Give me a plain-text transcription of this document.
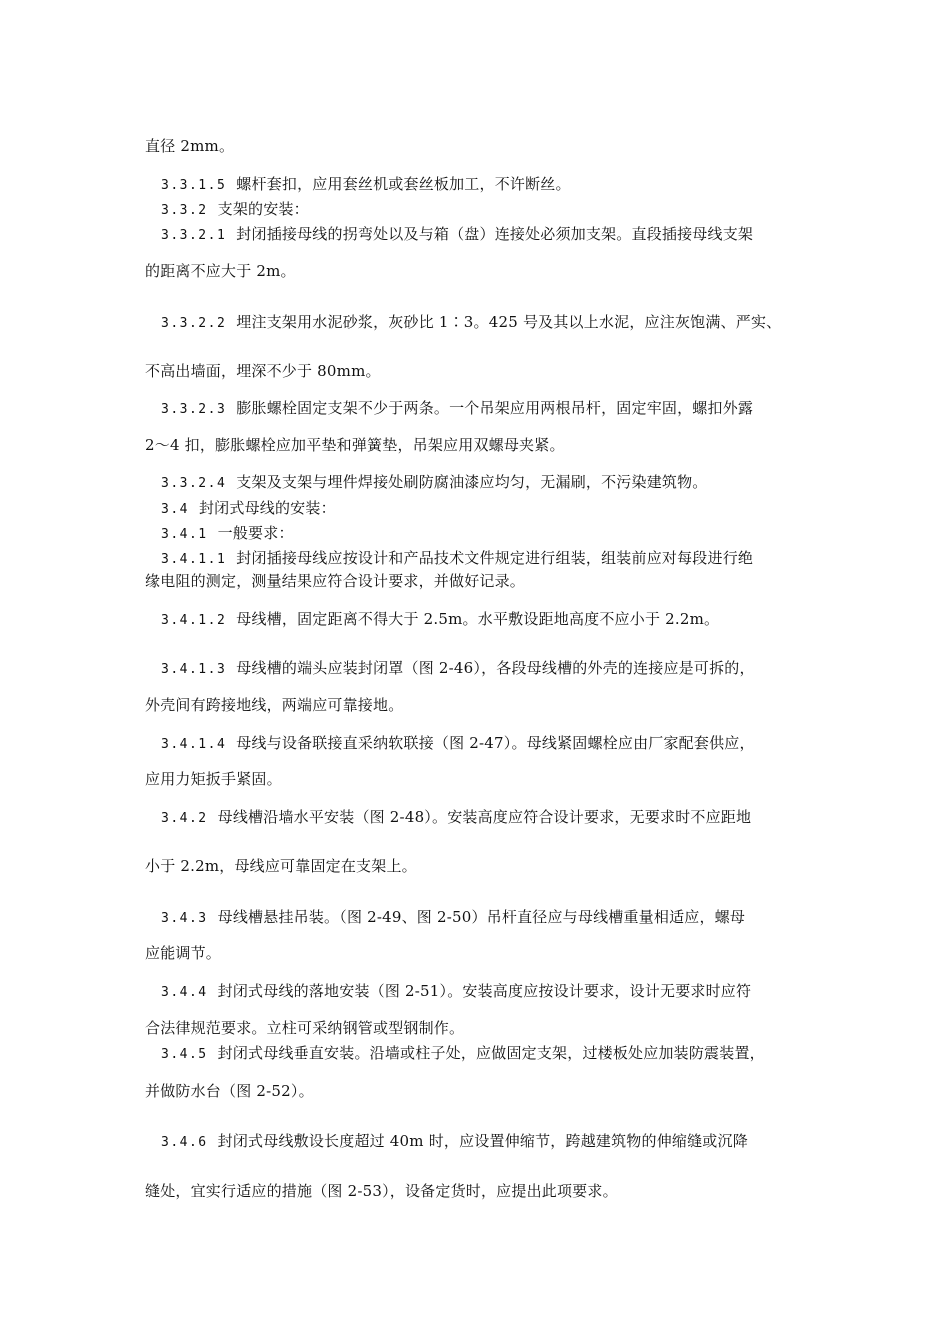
直径 2mm。
3.3.1.5 螺杆套扣，应用套丝机或套丝板加工，不许断丝。
3.3.2 支架的安装：
3.3.2.1 封闭插接母线的拐弯处以及与箱（盘）连接处必须加支架。直段插接母线支架
的距离不应大于 2m。
3.3.2.2 埋注支架用水泥砂浆，灰砂比 1∶3。425 号及其以上水泥，应注灰饱满、严实、
不高出墙面，埋深不少于 80mm。
3.3.2.3 膨胀螺栓固定支架不少于两条。一个吊架应用两根吊杆，固定牢固，螺扣外露
2～4 扣，膨胀螺栓应加平垫和弹簧垫，吊架应用双螺母夹紧。
3.3.2.4 支架及支架与埋件焊接处刷防腐油漆应均匀，无漏刷，不污染建筑物。
3.4 封闭式母线的安装：
3.4.1 一般要求：
3.4.1.1 封闭插接母线应按设计和产品技术文件规定进行组装，组装前应对每段进行绝
缘电阻的测定，测量结果应符合设计要求，并做好记录。
3.4.1.2 母线槽，固定距离不得大于 2.5m。水平敷设距地高度不应小于 2.2m。
3.4.1.3 母线槽的端头应装封闭罩（图 2-46），各段母线槽的外壳的连接应是可拆的，
外壳间有跨接地线，两端应可靠接地。
3.4.1.4 母线与设备联接直采纳软联接（图 2-47）。母线紧固螺栓应由厂家配套供应，
应用力矩扳手紧固。
3.4.2 母线槽沿墙水平安装（图 2-48）。安装高度应符合设计要求，无要求时不应距地
小于 2.2m，母线应可靠固定在支架上。
3.4.3 母线槽悬挂吊装。（图 2-49、图 2-50）吊杆直径应与母线槽重量相适应，螺母
应能调节。
3.4.4 封闭式母线的落地安装（图 2-51）。安装高度应按设计要求，设计无要求时应符
合法律规范要求。立柱可采纳钢管或型钢制作。
3.4.5 封闭式母线垂直安装。沿墙或柱子处，应做固定支架，过楼板处应加装防震装置，
并做防水台（图 2-52）。
3.4.6 封闭式母线敷设长度超过 40m 时，应设置伸缩节，跨越建筑物的伸缩缝或沉降
缝处，宜实行适应的措施（图 2-53），设备定货时，应提出此项要求。
